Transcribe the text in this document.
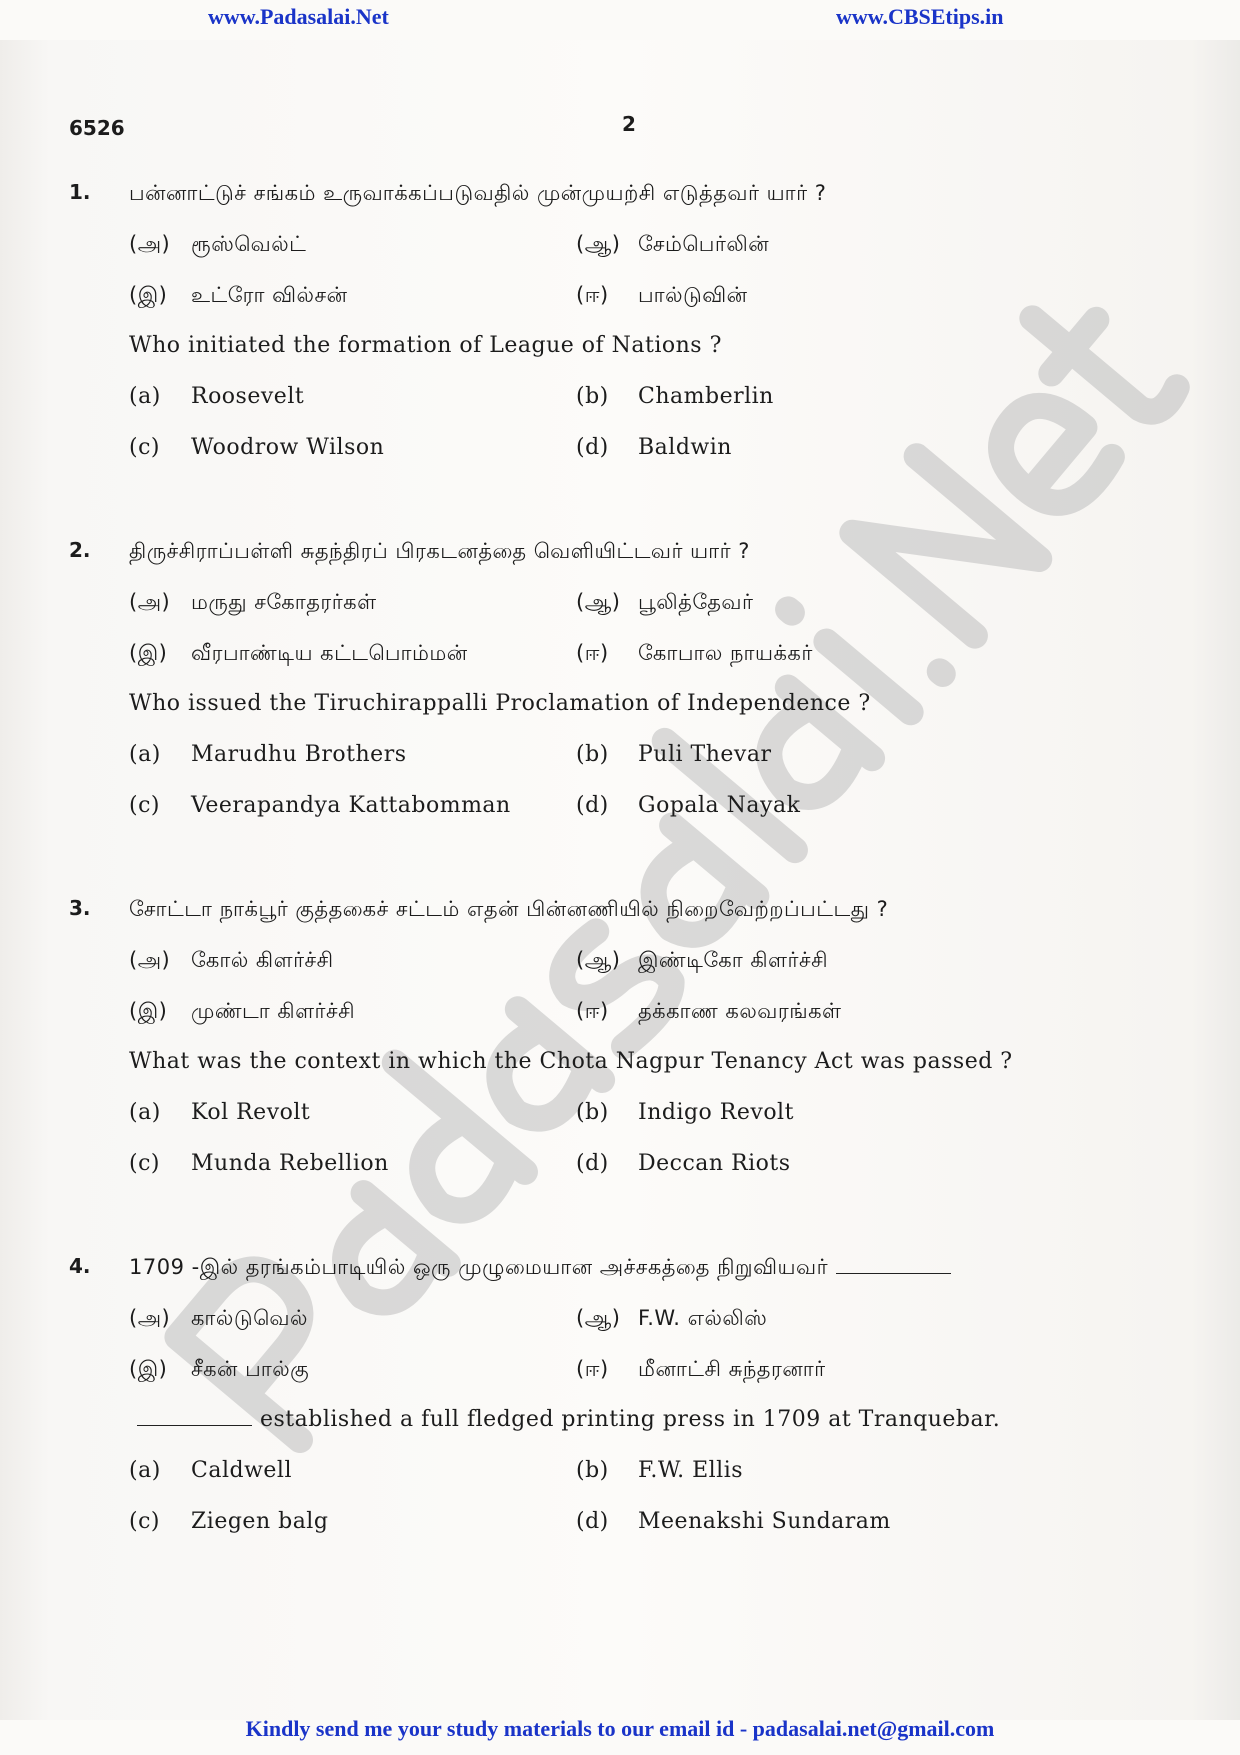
www.Padasalai.Net	www.CBSEtips.in
6526	2
1.	பன்னாட்டுச் சங்கம் உருவாக்கப்படுவதில் முன்முயற்சி எடுத்தவர் யார் ?
(அ) ரூஸ்வெல்ட்	(ஆ) சேம்பெர்லின்
(இ)	உட்ரோ வில்சன்	(ஈ)	பால்டுவின்
Who initiated the formation of League of Nations ?
(a)	Roosevelt	(b)	Chamberlin
(c)	Woodrow Wilson	(d)	Baldwin
2.	திருச்சிராப்பள்ளி சுதந்திரப் பிரகடனத்தை வெளியிட்டவர் யார் ?
(அ) மருது சகோதரர்கள்	(ஆ) பூலித்தேவர்
(இ)	வீரபாண்டிய கட்டபொம்மன்	(ஈ)	கோபால நாயக்கர்
Who issued the Tiruchirappalli Proclamation of Independence ?
(a)	Marudhu Brothers	(b)	Puli Thevar
(c)	Veerapandya Kattabomman	(d)	Gopala Nayak
3.	சோட்டா நாக்பூர் குத்தகைச் சட்டம் எதன் பின்னணியில் நிறைவேற்றப்பட்டது ?
(அ) கோல் கிளர்ச்சி	(ஆ) இண்டிகோ கிளர்ச்சி
(இ)	முண்டா கிளர்ச்சி	(ஈ)	தக்காண கலவரங்கள்
What was the context in which the Chota Nagpur Tenancy Act was passed ?
(a)	Kol Revolt	(b)	Indigo Revolt
(c)	Munda Rebellion	(d)	Deccan Riots
4.	1709 -இல் தரங்கம்பாடியில் ஒரு முழுமையான அச்சகத்தை நிறுவியவர்
(அ) கால்டுவெல்	(ஆ) F.W. எல்லிஸ்
(இ)	சீகன் பால்கு	(ஈ)	மீனாட்சி சுந்தரனார்
established a full fledged printing press in 1709 at Tranquebar.
(a)	Caldwell	(b)	F.W. Ellis
(c)	Ziegen balg	(d)	Meenakshi Sundaram
Kindly send me your study materials to our email id - padasalai.net@gmail.com
